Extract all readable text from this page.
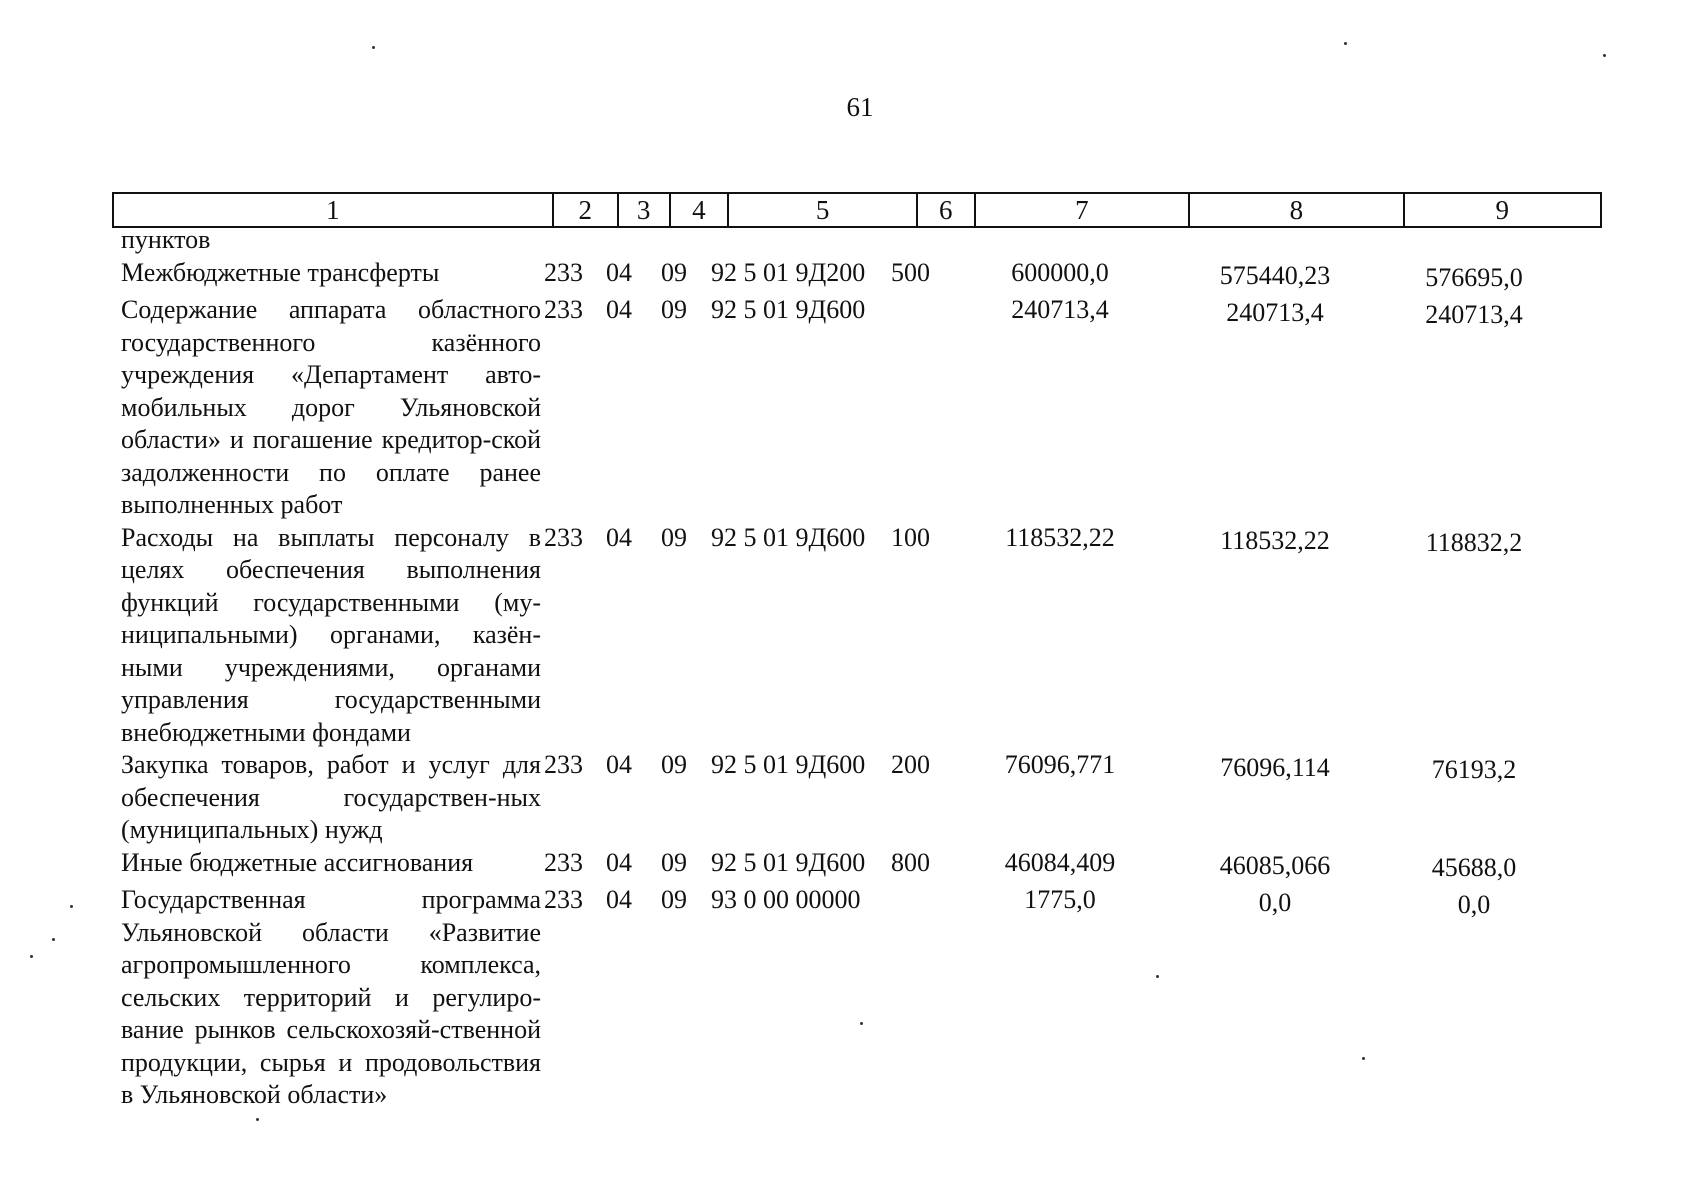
61
1	2	3	4	5	6	7	8	9
пунктов
Межбюджетные трансферты	233 04	09 92 5 01 9Д200 500	600000,0	575440,23	576695,0
Содержание аппарата областного государственного казённого учреждения «Департамент авто-мобильных дорог Ульяновской области» и погашение кредитор-ской задолженности по оплате ранее выполненных работ
233 04	09 92 5 01 9Д600	240713,4	240713,4	240713,4
Расходы на выплаты персоналу в целях обеспечения выполнения функций государственными (му-ниципальными) органами, казён-ными учреждениями, органами управления государственными внебюджетными фондами
233 04	09 92 5 01 9Д600 100	118532,22	118532,22	118832,2
Закупка товаров, работ и услуг для обеспечения государствен-ных (муниципальных) нужд
233 04	09 92 5 01 9Д600 200	76096,771	76096,114	76193,2
Иные бюджетные ассигнования	233 04	09 92 5 01 9Д600 800	46084,409	46085,066	45688,0
Государственная программа Ульяновской области «Развитие агропромышленного комплекса, сельских территорий и регулиро-вание рынков сельскохозяй-ственной продукции, сырья и продовольствия в Ульяновской области»
233 04	09 93 0 00 00000	1775,0	0,0	0,0
